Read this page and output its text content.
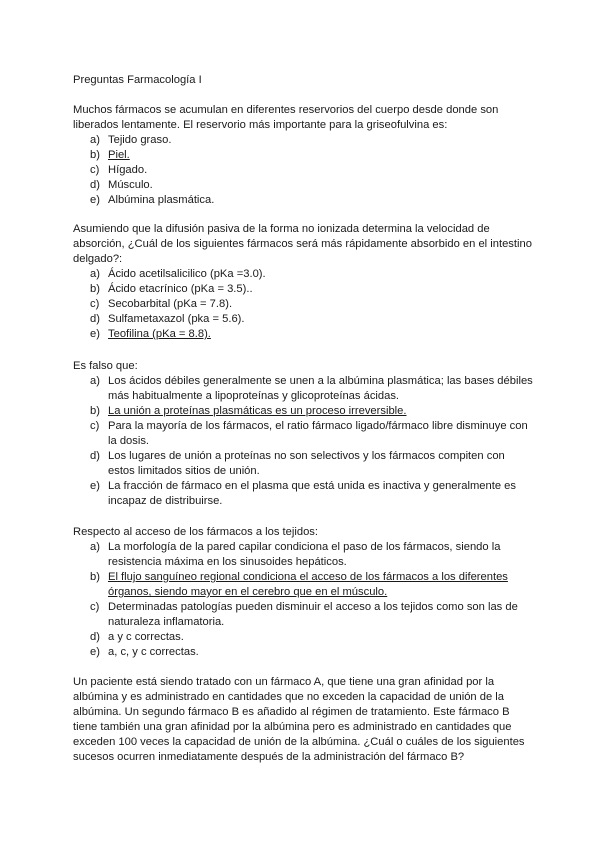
Preguntas Farmacología I

Muchos fármacos se acumulan en diferentes reservorios del cuerpo desde donde son liberados lentamente. El reservorio más importante para la griseofulvina es:

a) Tejido graso.
b) Piel.
c) Hígado.
d) Músculo.
e) Albúmina plasmática.

Asumiendo que la difusión pasiva de la forma no ionizada determina la velocidad de absorción, ¿Cuál de los siguientes fármacos será más rápidamente absorbido en el intestino delgado?:

a) Ácido acetilsalicilico (pKa =3.0).
b) Ácido etacrínico (pKa = 3.5)..
c) Secobarbital (pKa = 7.8).
d) Sulfametaxazol (pka = 5.6).
e) Teofilina (pKa = 8.8).

Es falso que:

a) Los ácidos débiles generalmente se unen a la albúmina plasmática; las bases débiles más habitualmente a lipoproteínas y glicoproteínas ácidas.
b) La unión a proteínas plasmáticas es un proceso irreversible.
c) Para la mayoría de los fármacos, el ratio fármaco ligado/fármaco libre disminuye con la dosis.
d) Los lugares de unión a proteínas no son selectivos y los fármacos compiten con estos limitados sitios de unión.
e) La fracción de fármaco en el plasma que está unida es inactiva y generalmente es incapaz de distribuirse.

Respecto al acceso de los fármacos a los tejidos:

a) La morfología de la pared capilar condiciona el paso de los fármacos, siendo la resistencia máxima en los sinusoides hepáticos.
b) El flujo sanguíneo regional condiciona el acceso de los fármacos a los diferentes órganos, siendo mayor en el cerebro que en el músculo.
c) Determinadas patologías pueden disminuir el acceso a los tejidos como son las de naturaleza inflamatoria.
d) a y c correctas.
e) a, c, y c correctas.

Un paciente está siendo tratado con un fármaco A, que tiene una gran afinidad por la albúmina y es administrado en cantidades que no exceden la capacidad de unión de la albúmina. Un segundo fármaco B es añadido al régimen de tratamiento. Este fármaco B tiene también una gran afinidad por la albúmina pero es administrado en cantidades que exceden 100 veces la capacidad de unión de la albúmina. ¿Cuál o cuáles de los siguientes sucesos ocurren inmediatamente después de la administración del fármaco B?
